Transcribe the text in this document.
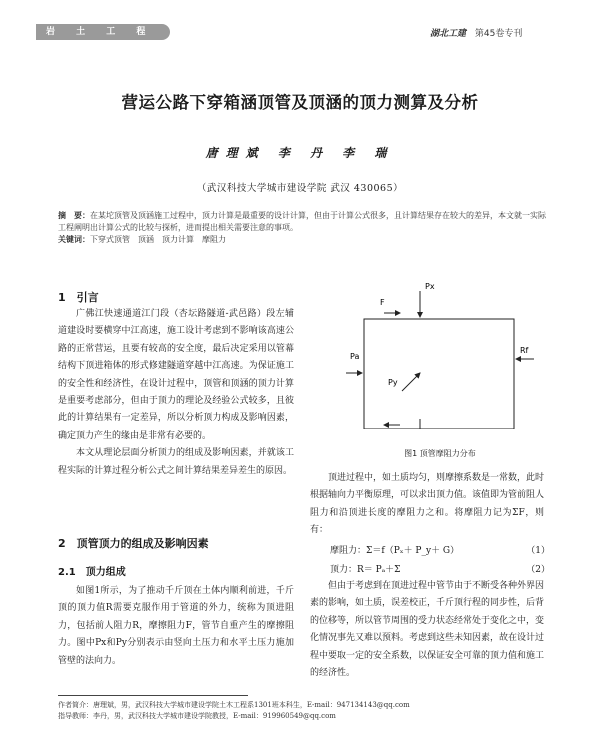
岩 土 工 程	湖北工建 第45卷专刊
营运公路下穿箱涵顶管及顶涵的顶力测算及分析
唐理斌 李 丹 李 瑞
（武汉科技大学城市建设学院 武汉 430065）
摘　要：在某坨顶管及顶涵施工过程中，顶力计算是最重要的设计计算，但由于计算公式很多，且计算结果存在较大的差异，本文就一实际工程阐明出计算公式的比较与探析，进而提出相关需要注意的事项。
关键词：下穿式顶管　顶涵　顶力计算　摩阻力
1　引言

广佛江快速通道江门段（杏坛路隧道-武邑路）段左辅道建设时要横穿中江高速，施工设计考虑到不影响该高速公路的正常营运，且要有较高的安全度，最后决定采用以管幕结构下顶进箱体的形式修建隧道穿越中江高速。为保证施工的安全性和经济性，在设计过程中，顶管和顶涵的顶力计算是重要考虑部分，但由于顶力的理论及经验公式较多，且彼此的计算结果有一定差异，所以分析顶力构成及影响因素，确定顶力产生的缘由是非常有必要的。

本文从理论层面分析顶力的组成及影响因素，并就该工程实际的计算过程分析公式之间计算结果差异差生的原因。

2　顶管顶力的组成及影响因素
2.1　顶力组成

如图1所示，为了推动千斤顶在土体内顺利前进，千斤顶的顶力值R需要克服作用于管道的外力，统称为顶进阻力，包括前人阻力R，摩擦阻力F，管节自重产生的摩擦阻力。图中Px和Py分别表示由竖向土压力和水平土压力施加管壁的法向力。

Px
F
Pa
Rf
Py
图1 顶管摩阻力分布

顶进过程中，如土质均匀，则摩擦系数是一常数，此时根据轴向力平衡原理，可以求出顶力值。该值即为管前阻人阻力和沿顶进长度的摩阻力之和。将摩阻力记为ΣF，则有：

摩阻力：Σ＝f（Pₓ＋ P_y＋ G）	（1）
顶力：R＝ Pₐ＋Σ	（2）

但由于考虑到在顶进过程中管节由于不断受各种外界因素的影响，如土质，误差校正，千斤顶行程的同步性，后背的位移等，所以管节周围的受力状态经常处于变化之中，变化情况事先又难以预料。考虑到这些未知因素，故在设计过程中要取一定的安全系数，以保证安全可靠的顶力值和施工的经济性。

作者简介：唐理斌，男，武汉科技大学城市建设学院土木工程系1301班本科生，E-mail：947134143@qq.com
指导教师：李丹，男，武汉科技大学城市建设学院教授，E-mail：919960549@qq.com
